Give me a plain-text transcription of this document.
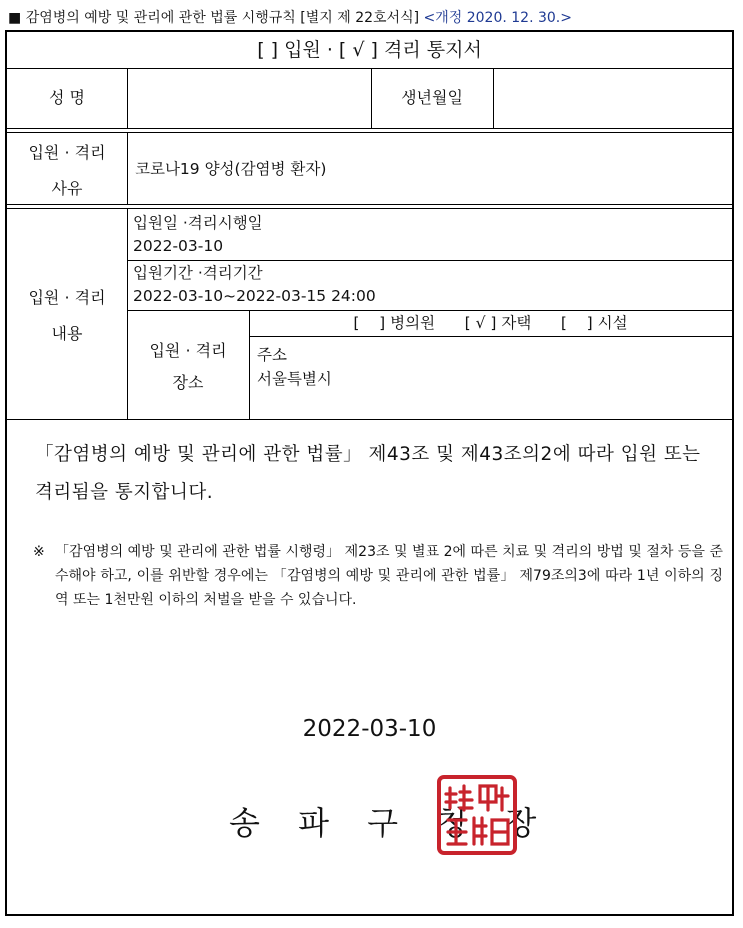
■ 감염병의 예방 및 관리에 관한 법률 시행규칙 [별지 제 22호서식] <개정 2020. 12. 30.>
[ ] 입원 · [ √ ] 격리 통지서
성 명	생년월일
입원 · 격리
사유
코로나19 양성(감염병 환자)
입원 · 격리
내용
입원일 ·격리시행일
2022-03-10
입원기간 ·격리기간
2022-03-10~2022-03-15 24:00
입원 · 격리
장소
[    ] 병의원      [ √ ] 자택      [    ] 시설
주소
서울특별시
「감염병의 예방 및 관리에 관한 법률」 제43조 및 제43조의2에 따라 입원 또는 격리됨을 통지합니다.
※ 「감염병의 예방 및 관리에 관한 법률 시행령」 제23조 및 별표 2에 따른 치료 및 격리의 방법 및 절차 등을 준수해야 하고, 이를 위반할 경우에는 「감염병의 예방 및 관리에 관한 법률」 제79조의3에 따라 1년 이하의 징역 또는 1천만원 이하의 처벌을 받을 수 있습니다.
2022-03-10
송 파 구 청 장
